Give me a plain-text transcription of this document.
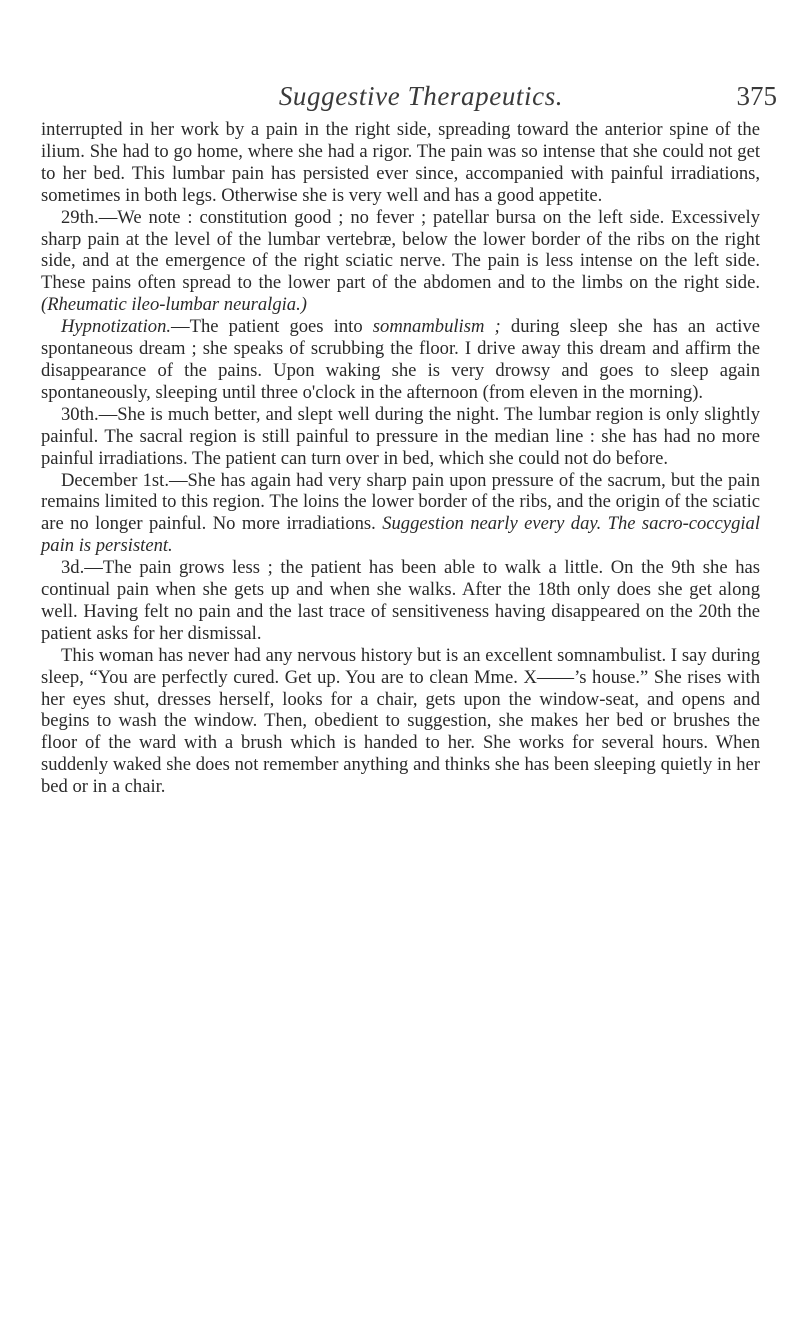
Suggestive Therapeutics.	375

interrupted in her work by a pain in the right side, spreading toward the anterior spine of the ilium. She had to go home, where she had a rigor. The pain was so intense that she could not get to her bed. This lumbar pain has persisted ever since, accompanied with painful irradiations, sometimes in both legs. Otherwise she is very well and has a good appetite.

29th.—We note : constitution good ; no fever ; patellar bursa on the left side. Excessively sharp pain at the level of the lumbar vertebræ, below the lower border of the ribs on the right side, and at the emergence of the right sciatic nerve. The pain is less intense on the left side. These pains often spread to the lower part of the abdomen and to the limbs on the right side. (Rheumatic ileo-lumbar neuralgia.)

Hypnotization.—The patient goes into somnambulism ; during sleep she has an active spontaneous dream ; she speaks of scrubbing the floor. I drive away this dream and affirm the disappearance of the pains. Upon waking she is very drowsy and goes to sleep again spontaneously, sleeping until three o'clock in the afternoon (from eleven in the morning).

30th.—She is much better, and slept well during the night. The lumbar region is only slightly painful. The sacral region is still painful to pressure in the median line : she has had no more painful irradiations. The patient can turn over in bed, which she could not do before.

December 1st.—She has again had very sharp pain upon pressure of the sacrum, but the pain remains limited to this region. The loins the lower border of the ribs, and the origin of the sciatic are no longer painful. No more irradiations. Suggestion nearly every day. The sacro-coccygial pain is persistent.

3d.—The pain grows less ; the patient has been able to walk a little. On the 9th she has continual pain when she gets up and when she walks. After the 18th only does she get along well. Having felt no pain and the last trace of sensitiveness having disappeared on the 20th the patient asks for her dismissal.

This woman has never had any nervous history but is an excellent somnambulist. I say during sleep, “You are perfectly cured. Get up. You are to clean Mme. X——’s house.” She rises with her eyes shut, dresses herself, looks for a chair, gets upon the window-seat, and opens and begins to wash the window. Then, obedient to suggestion, she makes her bed or brushes the floor of the ward with a brush which is handed to her. She works for several hours. When suddenly waked she does not remember anything and thinks she has been sleeping quietly in her bed or in a chair.
